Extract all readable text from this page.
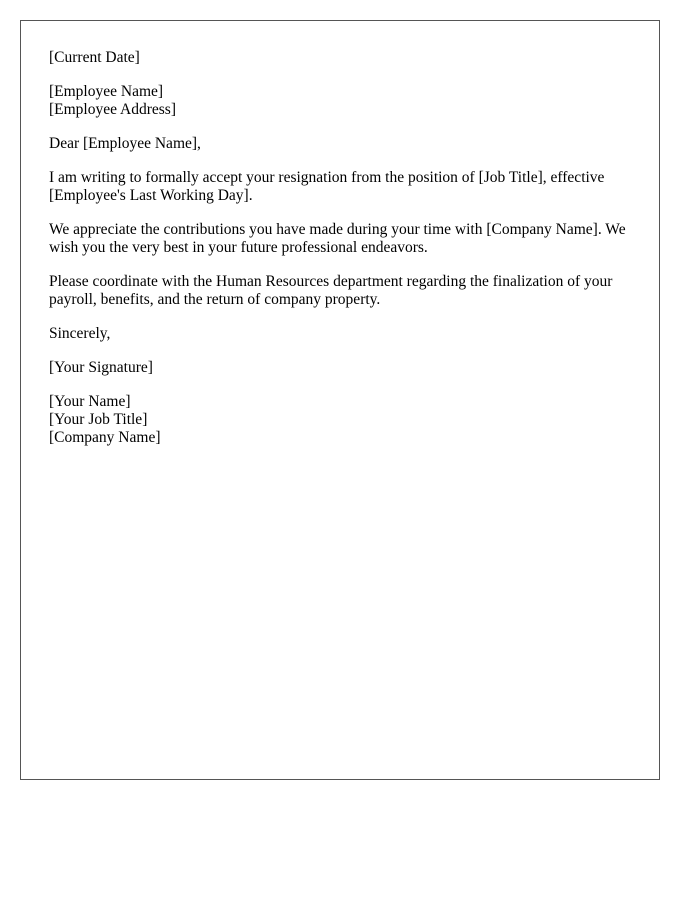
[Current Date]

[Employee Name]
[Employee Address]

Dear [Employee Name],

I am writing to formally accept your resignation from the position of [Job Title], effective [Employee's Last Working Day].

We appreciate the contributions you have made during your time with [Company Name]. We wish you the very best in your future professional endeavors.

Please coordinate with the Human Resources department regarding the finalization of your payroll, benefits, and the return of company property.

Sincerely,

[Your Signature]

[Your Name]
[Your Job Title]
[Company Name]
